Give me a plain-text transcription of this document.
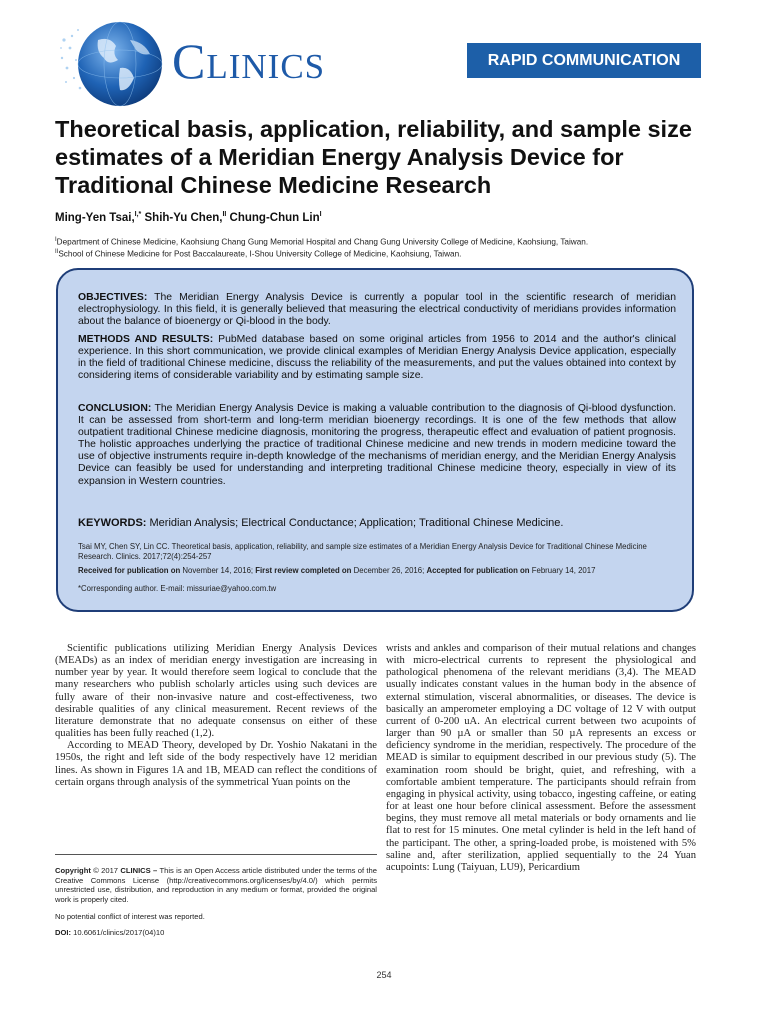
Clinics	RAPID COMMUNICATION
Theoretical basis, application, reliability, and sample size estimates of a Meridian Energy Analysis Device for Traditional Chinese Medicine Research
Ming-Yen Tsai,$^{I,*}$ Shih-Yu Chen,$^{II}$ Chung-Chun Lin$^I$
$^I$Department of Chinese Medicine, Kaohsiung Chang Gung Memorial Hospital and Chang Gung University College of Medicine, Kaohsiung, Taiwan.
$^{II}$School of Chinese Medicine for Post Baccalaureate, I-Shou University College of Medicine, Kaohsiung, Taiwan.

OBJECTIVES: The Meridian Energy Analysis Device is currently a popular tool in the scientific research of meridian electrophysiology. In this field, it is generally believed that measuring the electrical conductivity of meridians provides information about the balance of bioenergy or Qi-blood in the body.

METHODS AND RESULTS: PubMed database based on some original articles from 1956 to 2014 and the author's clinical experience. In this short communication, we provide clinical examples of Meridian Energy Analysis Device application, especially in the field of traditional Chinese medicine, discuss the reliability of the measurements, and put the values obtained into context by considering items of considerable variability and by estimating sample size.

CONCLUSION: The Meridian Energy Analysis Device is making a valuable contribution to the diagnosis of Qi-blood dysfunction. It can be assessed from short-term and long-term meridian bioenergy recordings. It is one of the few methods that allow outpatient traditional Chinese medicine diagnosis, monitoring the progress, therapeutic effect and evaluation of patient prognosis. The holistic approaches underlying the practice of traditional Chinese medicine and new trends in modern medicine toward the use of objective instruments require in-depth knowledge of the mechanisms of meridian energy, and the Meridian Energy Analysis Device can feasibly be used for understanding and interpreting traditional Chinese medicine theory, especially in view of its expansion in Western countries.

KEYWORDS: Meridian Analysis; Electrical Conductance; Application; Traditional Chinese Medicine.

Tsai MY, Chen SY, Lin CC. Theoretical basis, application, reliability, and sample size estimates of a Meridian Energy Analysis Device for Traditional Chinese Medicine Research. Clinics. 2017;72(4):254-257

Received for publication on November 14, 2016; First review completed on December 26, 2016; Accepted for publication on February 14, 2017

*Corresponding author. E-mail: missuriae@yahoo.com.tw

Scientific publications utilizing Meridian Energy Analysis Devices (MEADs) as an index of meridian energy investigation are increasing in number year by year. It would therefore seem logical to conclude that the many researchers who publish scholarly articles using such devices are fully aware of their non-invasive nature and cost-effectiveness, two desirable qualities of any clinical measurement. Recent reviews of the literature demonstrate that no adequate consensus on either of these qualities has been fully reached (1,2).

According to MEAD Theory, developed by Dr. Yoshio Nakatani in the 1950s, the right and left side of the body respectively have 12 meridian lines. As shown in Figures 1A and 1B, MEAD can reflect the conditions of certain organs through analysis of the symmetrical Yuan points on the

wrists and ankles and comparison of their mutual relations and changes with micro-electrical currents to represent the physiological and pathological phenomena of the relevant meridians (3,4). The MEAD usually indicates constant values in the human body in the absence of external stimulation, visceral abnormalities, or diseases. The device is basically an amperometer employing a DC voltage of 12 V with output current of 0-200 uA. An electrical current between two acupoints of larger than 90 µA or smaller than 50 µA represents an excess or deficiency syndrome in the meridian, respectively. The procedure of the MEAD is similar to equipment described in our previous study (5). The examination room should be bright, quiet, and refreshing, with a comfortable ambient temperature. The participants should refrain from engaging in physical activity, using tobacco, ingesting caffeine, or eating for at least one hour before clinical assessment. Before the assessment begins, they must remove all metal materials or body ornaments and lie flat to rest for 15 minutes. One metal cylinder is held in the left hand of the participant. The other, a spring-loaded probe, is moistened with 5% saline and, after sterilization, applied sequentially to the 24 Yuan acupoints: Lung (Taiyuan, LU9), Pericardium

Copyright © 2017 CLINICS – This is an Open Access article distributed under the terms of the Creative Commons License (http://creativecommons.org/licenses/by/4.0/) which permits unrestricted use, distribution, and reproduction in any medium or format, provided the original work is properly cited.

No potential conflict of interest was reported.

DOI: 10.6061/clinics/2017(04)10

254
